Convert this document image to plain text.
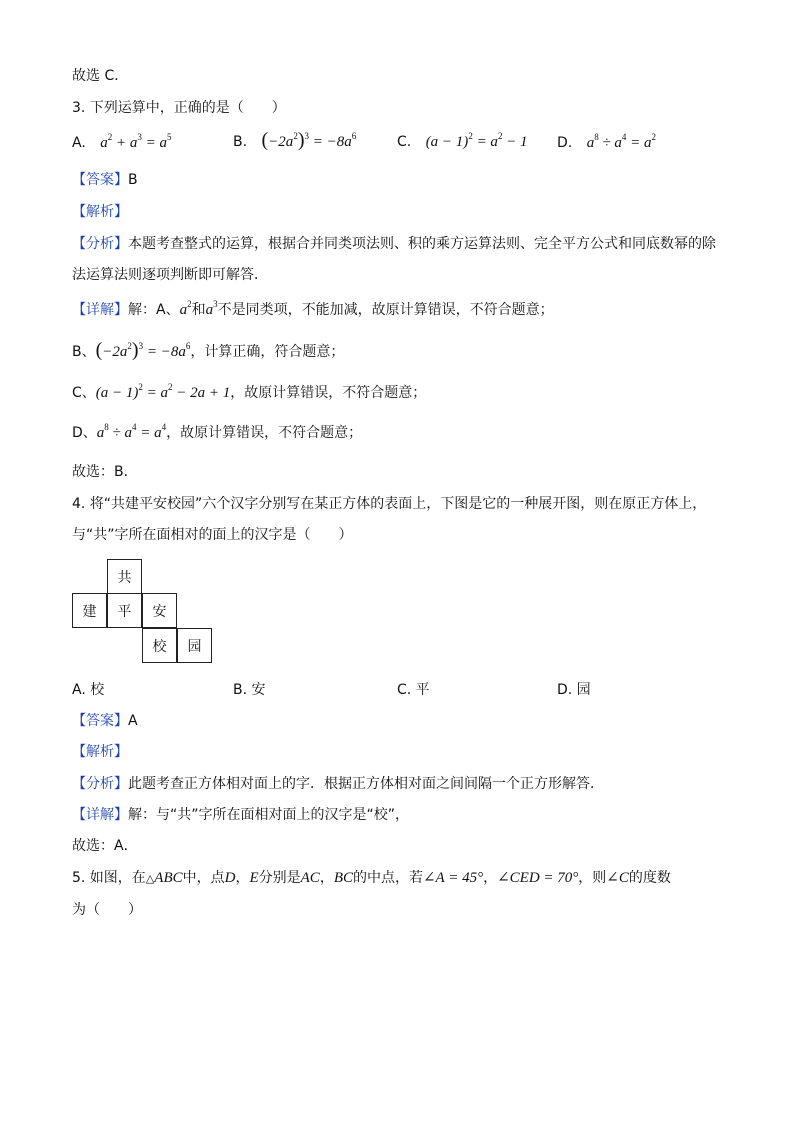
故选 C．
3. 下列运算中，正确的是（　　）
A. $a^2 + a^3 = a^5$	B. $(-2a^2)^3 = -8a^6$	C. $(a - 1)^2 = a^2 - 1$ D. $a^8 \div a^4 = a^2$
【答案】B
【解析】
【分析】本题考查整式的运算，根据合并同类项法则、积的乘方运算法则、完全平方公式和同底数幂的除
法运算法则逐项判断即可解答．
【详解】解：A、$a^2$和$a^3$不是同类项，不能加减，故原计算错误，不符合题意；
B、$(-2a^2)^3 = -8a^6$，计算正确，符合题意；
C、$(a - 1)^2 = a^2 - 2a + 1$，故原计算错误，不符合题意；
D、$a^8 \div a^4 = a^4$，故原计算错误，不符合题意；
故选：B．
4. 将“共建平安校园”六个汉字分别写在某正方体的表面上，下图是它的一种展开图，则在原正方体上，
与“共”字所在面相对的面上的汉字是（　　）
共
建	平	安
校	园
A. 校	B. 安	C. 平	D. 园
【答案】A
【解析】
【分析】此题考查正方体相对面上的字．根据正方体相对面之间间隔一个正方形解答．
【详解】解：与“共”字所在面相对面上的汉字是“校”，
故选：A．
5. 如图，在△ABC中，点D，E分别是AC，BC的中点，若∠A = 45°，∠CED = 70°，则∠C的度数
为（　　）
